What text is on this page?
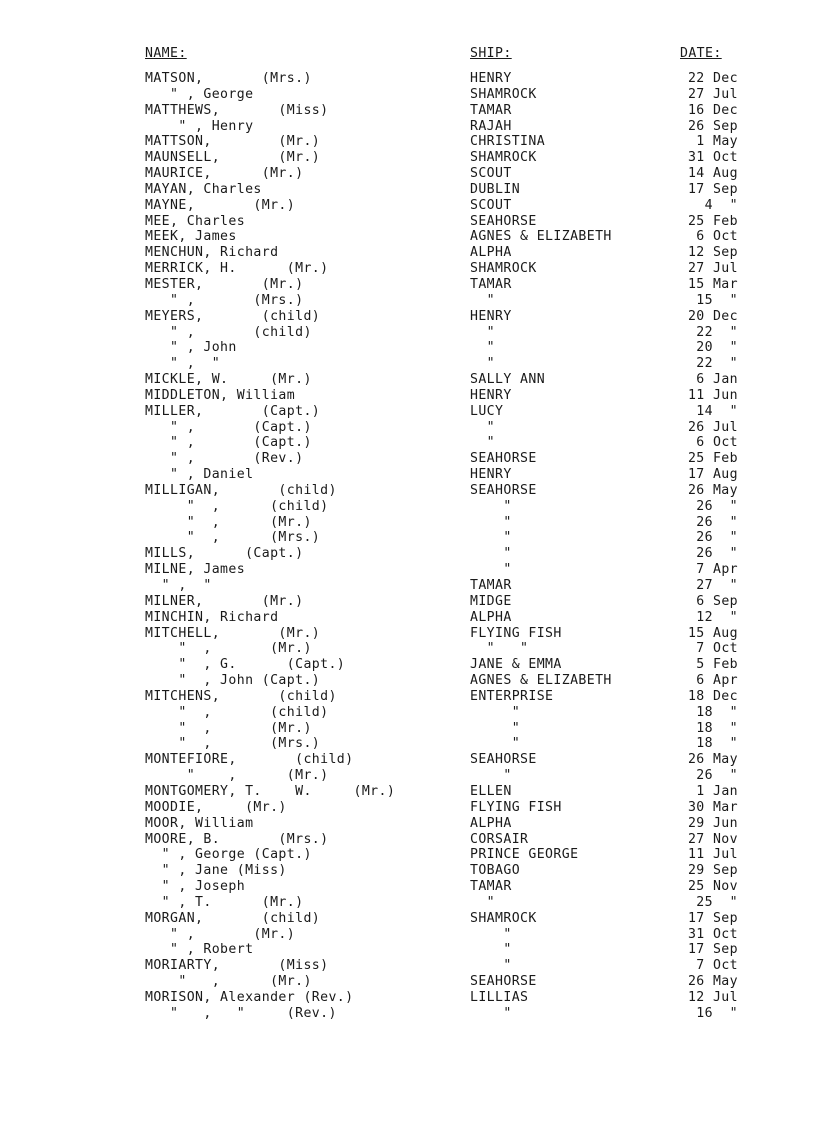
NAME:	SHIP:	DATE:
MATSON,       (Mrs.)	HENRY	22 Dec
" , George	SHAMROCK	27 Jul
MATTHEWS,       (Miss)	TAMAR	16 Dec
" , Henry	RAJAH	26 Sep
MATTSON,        (Mr.)	CHRISTINA	1 May
MAUNSELL,       (Mr.)	SHAMROCK	31 Oct
MAURICE,      (Mr.)	SCOUT	14 Aug
MAYAN, Charles	DUBLIN	17 Sep
MAYNE,       (Mr.)	SCOUT	4  "
MEE, Charles	SEAHORSE	25 Feb
MEEK, James	AGNES & ELIZABETH	6 Oct
MENCHUN, Richard	ALPHA	12 Sep
MERRICK, H.      (Mr.)	SHAMROCK	27 Jul
MESTER,       (Mr.)	TAMAR	15 Mar
" ,       (Mrs.)	"	15  "
MEYERS,       (child)	HENRY	20 Dec
" ,       (child)	"	22  "
" , John	"	20  "
" ,  "	"	22  "
MICKLE, W.     (Mr.)	SALLY ANN	6 Jan
MIDDLETON, William	HENRY	11 Jun
MILLER,       (Capt.)	LUCY	14  "
" ,       (Capt.)	"	26 Jul
" ,       (Capt.)	"	6 Oct
" ,       (Rev.)	SEAHORSE	25 Feb
" , Daniel	HENRY	17 Aug
MILLIGAN,       (child)	SEAHORSE	26 May
"  ,      (child)	"	26  "
"  ,      (Mr.)	"	26  "
"  ,      (Mrs.)	"	26  "
MILLS,      (Capt.)	"	26  "
MILNE, James	"	7 Apr
" ,  "	TAMAR	27  "
MILNER,       (Mr.)	MIDGE	6 Sep
MINCHIN, Richard	ALPHA	12  "
MITCHELL,       (Mr.)	FLYING FISH	15 Aug
"  ,       (Mr.)	"   "	7 Oct
"  , G.      (Capt.)	JANE & EMMA	5 Feb
"  , John (Capt.)	AGNES & ELIZABETH	6 Apr
MITCHENS,       (child)	ENTERPRISE	18 Dec
"  ,       (child)	"	18  "
"  ,       (Mr.)	"	18  "
"  ,       (Mrs.)	"	18  "
MONTEFIORE,       (child)	SEAHORSE	26 May
"    ,      (Mr.)	"	26  "
MONTGOMERY, T.    W.     (Mr.)	ELLEN	1 Jan
MOODIE,     (Mr.)	FLYING FISH	30 Mar
MOOR, William	ALPHA	29 Jun
MOORE, B.       (Mrs.)	CORSAIR	27 Nov
" , George (Capt.)	PRINCE GEORGE	11 Jul
" , Jane (Miss)	TOBAGO	29 Sep
" , Joseph	TAMAR	25 Nov
" , T.      (Mr.)	"	25  "
MORGAN,       (child)	SHAMROCK	17 Sep
" ,       (Mr.)	"	31 Oct
" , Robert	"	17 Sep
MORIARTY,       (Miss)	"	7 Oct
"   ,      (Mr.)	SEAHORSE	26 May
MORISON, Alexander (Rev.)	LILLIAS	12 Jul
"   ,   "     (Rev.)	"	16  "
